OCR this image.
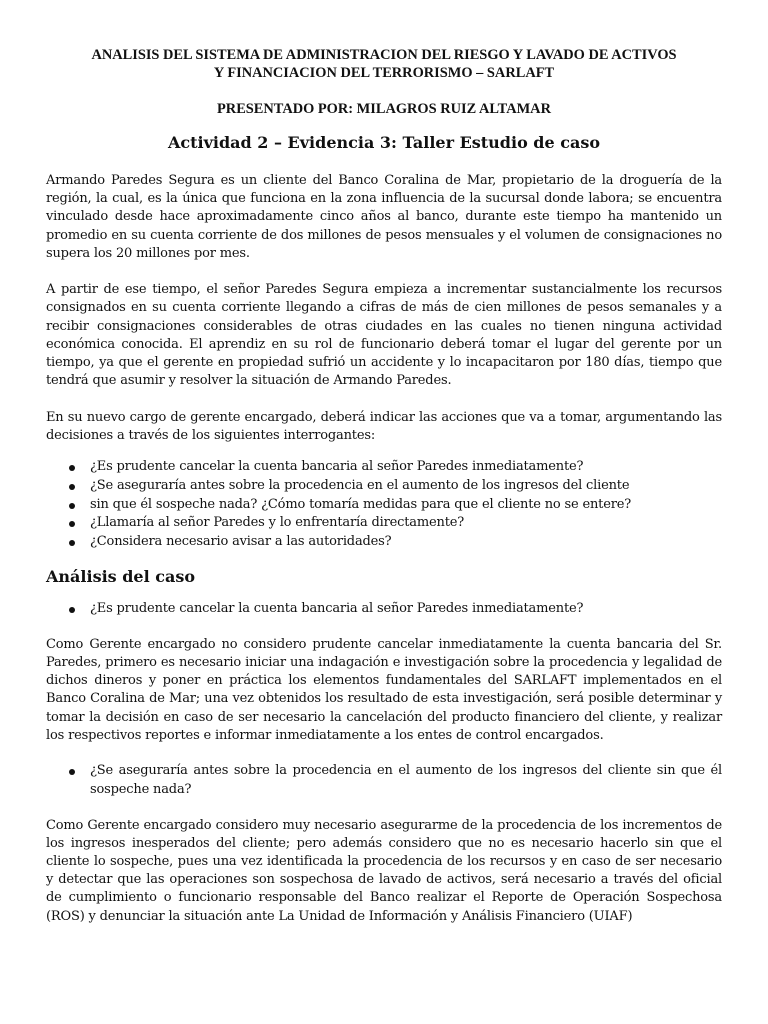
ANALISIS DEL SISTEMA DE ADMINISTRACION DEL RIESGO Y LAVADO DE ACTIVOS
Y FINANCIACION DEL TERRORISMO – SARLAFT
PRESENTADO POR: MILAGROS RUIZ ALTAMAR
Actividad 2 – Evidencia 3: Taller Estudio de caso

Armando Paredes Segura es un cliente del Banco Coralina de Mar, propietario de la droguería de la región, la cual, es la única que funciona en la zona influencia de la sucursal donde labora; se encuentra vinculado desde hace aproximadamente cinco años al banco, durante este tiempo ha mantenido un promedio en su cuenta corriente de dos millones de pesos mensuales y el volumen de consignaciones no supera los 20 millones por mes.

A partir de ese tiempo, el señor Paredes Segura empieza a incrementar sustancialmente los recursos consignados en su cuenta corriente llegando a cifras de más de cien millones de pesos semanales y a recibir consignaciones considerables de otras ciudades en las cuales no tienen ninguna actividad económica conocida. El aprendiz en su rol de funcionario deberá tomar el lugar del gerente por un tiempo, ya que el gerente en propiedad sufrió un accidente y lo incapacitaron por 180 días, tiempo que tendrá que asumir y resolver la situación de Armando Paredes.

En su nuevo cargo de gerente encargado, deberá indicar las acciones que va a tomar, argumentando las decisiones a través de los siguientes interrogantes:

¿Es prudente cancelar la cuenta bancaria al señor Paredes inmediatamente?
¿Se aseguraría antes sobre la procedencia en el aumento de los ingresos del cliente
sin que él sospeche nada? ¿Cómo tomaría medidas para que el cliente no se entere?
¿Llamaría al señor Paredes y lo enfrentaría directamente?
¿Considera necesario avisar a las autoridades?
Análisis del caso
¿Es prudente cancelar la cuenta bancaria al señor Paredes inmediatamente?

Como Gerente encargado no considero prudente cancelar inmediatamente la cuenta bancaria del Sr. Paredes, primero es necesario iniciar una indagación e investigación sobre la procedencia y legalidad de dichos dineros y poner en práctica los elementos fundamentales del SARLAFT implementados en el Banco Coralina de Mar; una vez obtenidos los resultado de esta investigación, será posible determinar y tomar la decisión en caso de ser necesario la cancelación del producto financiero del cliente, y realizar los respectivos reportes e informar inmediatamente a los entes de control encargados.

¿Se aseguraría antes sobre la procedencia en el aumento de los ingresos del cliente sin que él sospeche nada?

Como Gerente encargado considero muy necesario asegurarme de la procedencia de los incrementos de los ingresos inesperados del cliente; pero además considero que no es necesario hacerlo sin que el cliente lo sospeche, pues una vez identificada la procedencia de los recursos y en caso de ser necesario y detectar que las operaciones son sospechosa de lavado de activos, será necesario a través del oficial de cumplimiento o funcionario responsable del Banco realizar el Reporte de Operación Sospechosa (ROS) y denunciar la situación ante La Unidad de Información y Análisis Financiero (UIAF)
